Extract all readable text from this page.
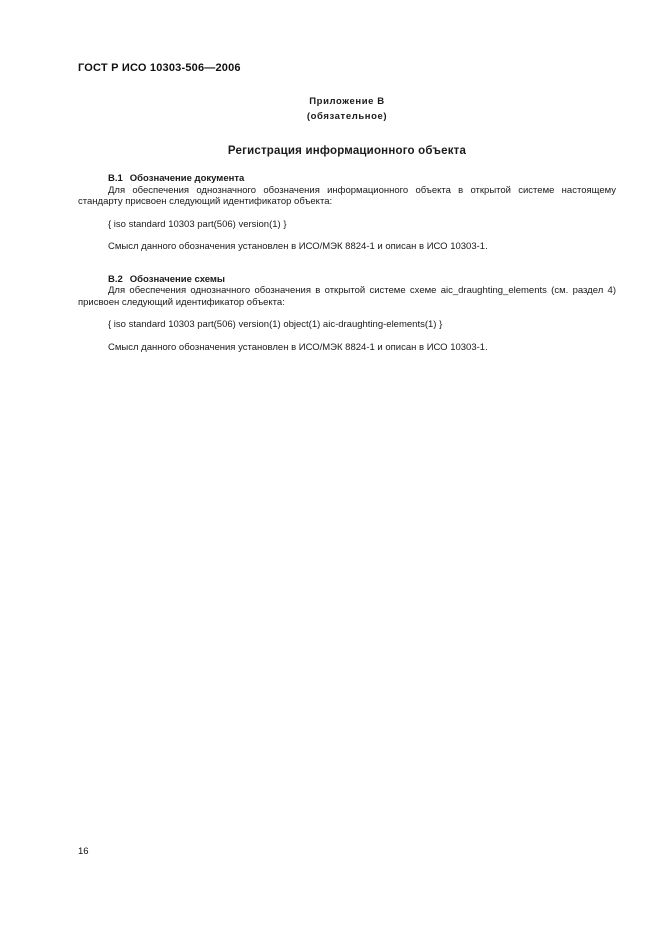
ГОСТ Р ИСО 10303-506—2006
Приложение В
(обязательное)
Регистрация информационного объекта
В.1 Обозначение документа

Для обеспечения однозначного обозначения информационного объекта в открытой системе настоящему стандарту присвоен следующий идентификатор объекта:

{ iso standard 10303 part(506) version(1) }

Смысл данного обозначения установлен в ИСО/МЭК 8824-1 и описан в ИСО 10303-1.

В.2 Обозначение схемы

Для обеспечения однозначного обозначения в открытой системе схеме aic_draughting_elements (см. раздел 4) присвоен следующий идентификатор объекта:

{ iso standard 10303 part(506) version(1) object(1) aic-draughting-elements(1) }

Смысл данного обозначения установлен в ИСО/МЭК 8824-1 и описан в ИСО 10303-1.

16
